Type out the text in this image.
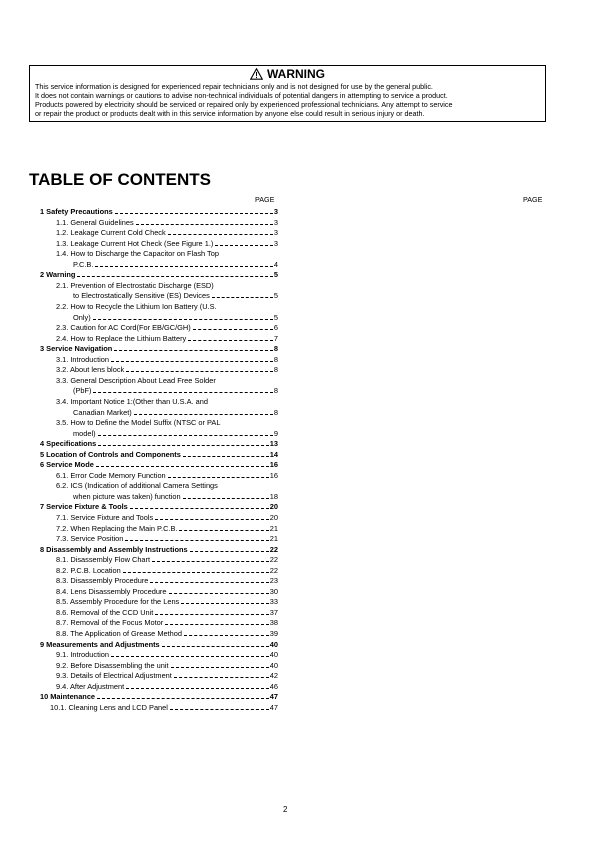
WARNING
This service information is designed for experienced repair technicians only and is not designed for use by the general public.
It does not contain warnings or cautions to advise non-technical individuals of potential dangers in attempting to service a product.
Products powered by electricity should be serviced or repaired only by experienced professional technicians. Any attempt to service
or repair the product or products dealt with in this service information by anyone else could result in serious injury or death.
TABLE OF CONTENTS
PAGE	PAGE
1 Safety Precautions	3
1.1. General Guidelines	3
1.2. Leakage Current Cold Check	3
1.3. Leakage Current Hot Check (See Figure 1.)	3
1.4. How to Discharge the Capacitor on Flash Top
P.C.B.	4
2 Warning	5
2.1. Prevention of Electrostatic Discharge (ESD)
to Electrostatically Sensitive (ES) Devices	5
2.2. How to Recycle the Lithium Ion Battery (U.S.
Only)	5
2.3. Caution for AC Cord(For EB/GC/GH)	6
2.4. How to Replace the Lithium Battery	7
3 Service Navigation	8
3.1. Introduction	8
3.2. About lens block	8
3.3. General Description About Lead Free Solder
(PbF)	8
3.4. Important Notice 1:(Other than U.S.A. and
Canadian Market)	8
3.5. How to Define the Model Suffix (NTSC or PAL
model)	9
4 Specifications	13
5 Location of Controls and Components	14
6 Service Mode	16
6.1. Error Code Memory Function	16
6.2. ICS (Indication of additional Camera Settings
when picture was taken) function	18
7 Service Fixture & Tools	20
7.1. Service Fixture and Tools	20
7.2. When Replacing the Main P.C.B.	21
7.3. Service Position	21
8 Disassembly and Assembly Instructions	22
8.1. Disassembly Flow Chart	22
8.2. P.C.B. Location	22
8.3. Disassembly Procedure	23
8.4. Lens Disassembly Procedure	30
8.5. Assembly Procedure for the Lens	33
8.6. Removal of the CCD Unit	37
8.7. Removal of the Focus Motor	38
8.8. The Application of Grease Method	39
9 Measurements and Adjustments	40
9.1. Introduction	40
9.2. Before Disassembling the unit	40
9.3. Details of Electrical Adjustment	42
9.4. After Adjustment	46
10 Maintenance	47
10.1. Cleaning Lens and LCD Panel	47
2
